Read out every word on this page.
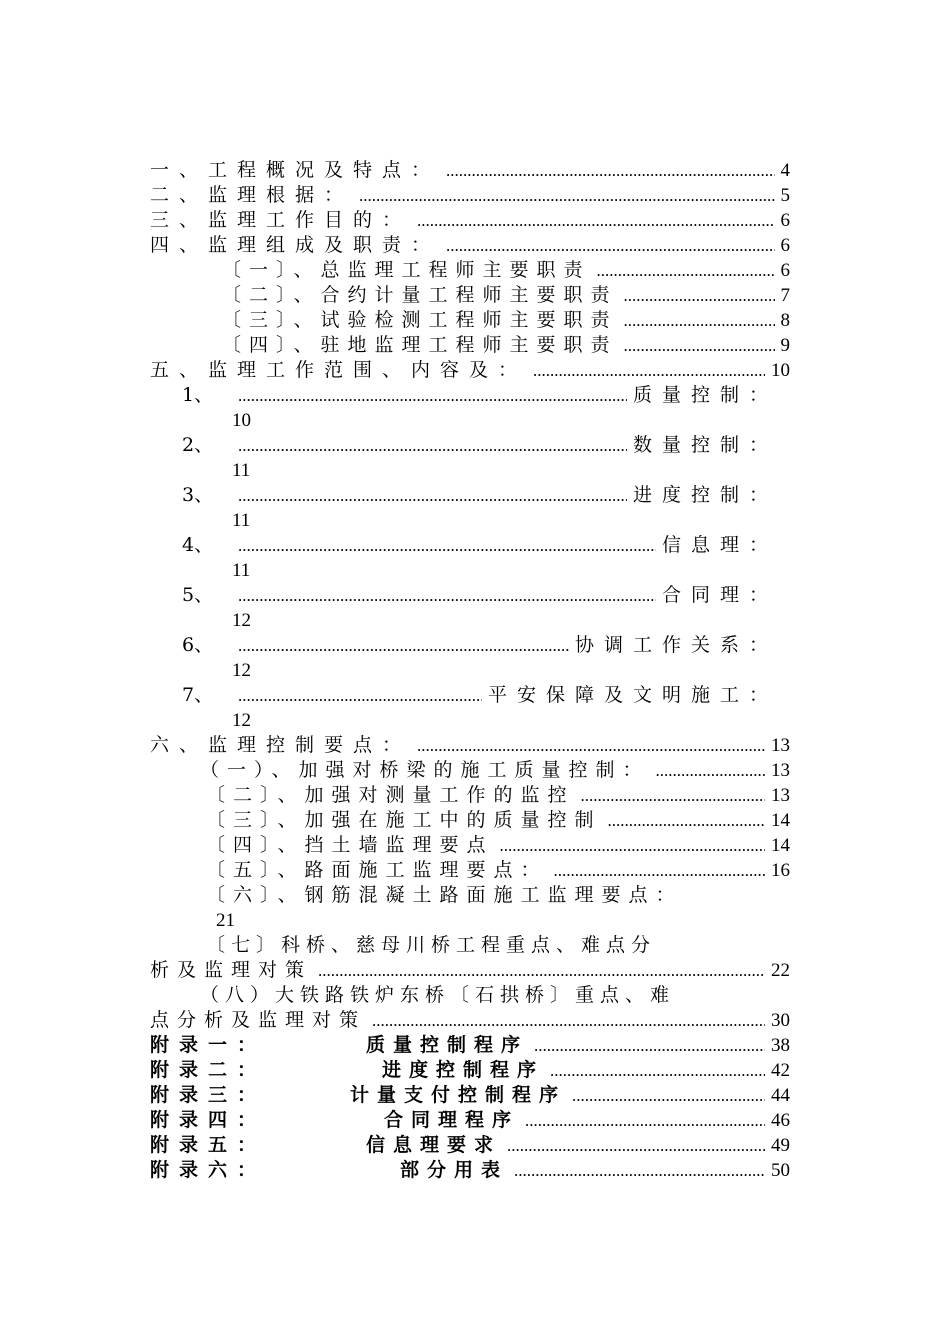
一、工程概况及特点： .....	4
二、监理根据： .....	5
三、监理工作目的： .....	6
四、监理组成及职责： .....	6
〔一〕、总监理工程师主要职责 .....	6
〔二〕、合约计量工程师主要职责 .....	7
〔三〕、试验检测工程师主要职责 .....	8
〔四〕、驻地监理工程师主要职责 .....	9
五、监理工作范围、内容及： .....	10
1、 .....	质量控制：
10
2、 .....	数量控制：
11
3、 .....	进度控制：
11
4、 .....	信息理：
11
5、 .....	合同理：
12
6、 .....	协调工作关系：
12
7、 .....	平安保障及文明施工：
12
六、监理控制要点： .....	13
（一）、加强对桥梁的施工质量控制： .....	13
〔二〕、加强对测量工作的监控 .....	13
〔三〕、加强在施工中的质量控制 .....	14
〔四〕、挡土墙监理要点 .....	14
〔五〕、路面施工监理要点： .....	16
〔六〕、钢筋混凝土路面施工监理要点：
21
〔七〕科桥、慈母川桥工程重点、难点分
析及监理对策 .....	22
（八）大铁路铁炉东桥〔石拱桥〕重点、难
点分析及监理对策 .....	30
附录一：	质量控制程序 .....	38
附录二：	进度控制程序 .....	42
附录三：	计量支付控制程序 .....	44
附录四：	合同理程序 .....	46
附录五：	信息理要求 .....	49
附录六：	部分用表 .....	50
